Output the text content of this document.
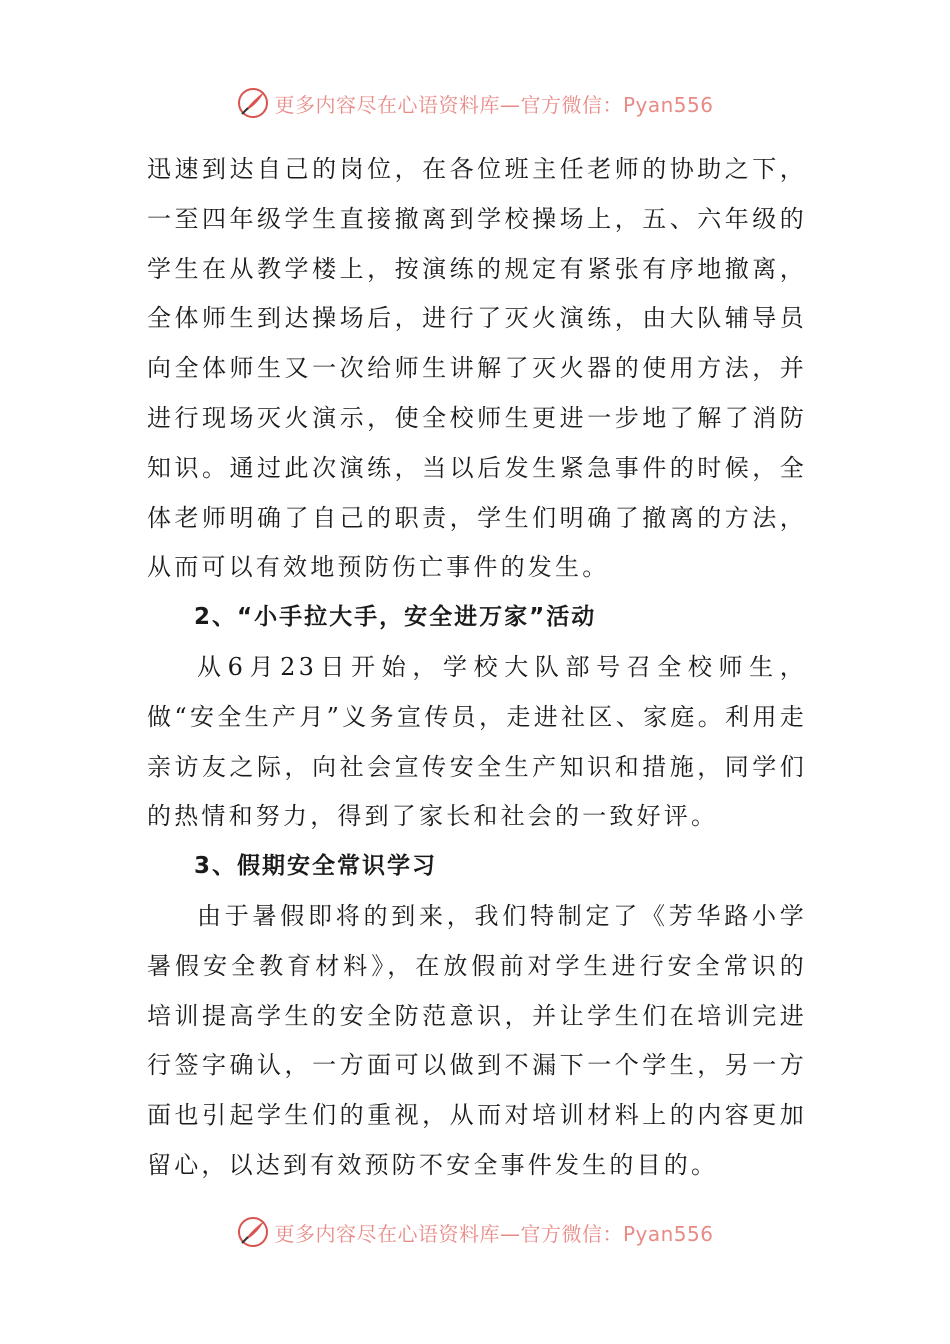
更多内容尽在心语资料库—官方微信：Pyan556

迅速到达自己的岗位，在各位班主任老师的协助之下，一至四年级学生直接撤离到学校操场上，五、六年级的学生在从教学楼上，按演练的规定有紧张有序地撤离，全体师生到达操场后，进行了灭火演练，由大队辅导员向全体师生又一次给师生讲解了灭火器的使用方法，并进行现场灭火演示，使全校师生更进一步地了解了消防知识。通过此次演练，当以后发生紧急事件的时候，全体老师明确了自己的职责，学生们明确了撤离的方法，从而可以有效地预防伤亡事件的发生。

2、“小手拉大手，安全进万家”活动

从6月23日开始，学校大队部号召全校师生，做“安全生产月”义务宣传员，走进社区、家庭。利用走亲访友之际，向社会宣传安全生产知识和措施，同学们的热情和努力，得到了家长和社会的一致好评。

3、假期安全常识学习

由于暑假即将的到来，我们特制定了《芳华路小学暑假安全教育材料》，在放假前对学生进行安全常识的培训提高学生的安全防范意识，并让学生们在培训完进行签字确认，一方面可以做到不漏下一个学生，另一方面也引起学生们的重视，从而对培训材料上的内容更加留心，以达到有效预防不安全事件发生的目的。

更多内容尽在心语资料库—官方微信：Pyan556
